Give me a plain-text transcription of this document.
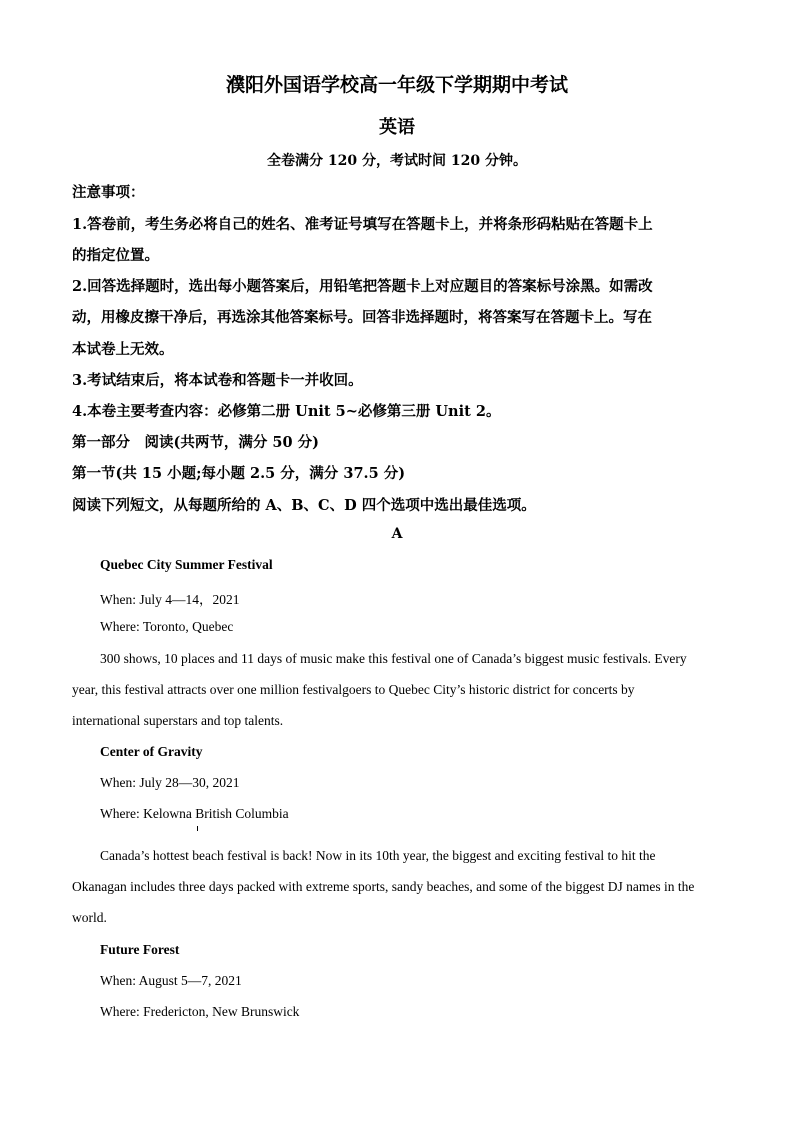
濮阳外国语学校高一年级下学期期中考试
英语
全卷满分 120 分，考试时间 120 分钟。
注意事项：
1.答卷前，考生务必将自己的姓名、准考证号填写在答题卡上，并将条形码粘贴在答题卡上
的指定位置。
2.回答选择题时，选出每小题答案后，用铅笔把答题卡上对应题目的答案标号涂黑。如需改
动，用橡皮擦干净后，再选涂其他答案标号。回答非选择题时，将答案写在答题卡上。写在
本试卷上无效。
3.考试结束后，将本试卷和答题卡一并收回。
4.本卷主要考查内容：必修第二册 Unit 5~必修第三册 Unit 2。
第一部分　阅读(共两节，满分 50 分)
第一节(共 15 小题;每小题 2.5 分，满分 37.5 分)
阅读下列短文，从每题所给的 A、B、C、D 四个选项中选出最佳选项。
A
Quebec City Summer Festival
When: July 4—14，2021
Where: Toronto, Quebec
300 shows, 10 places and 11 days of music make this festival one of Canada’s biggest music festivals. Every
year, this festival attracts over one million festivalgoers to Quebec City’s historic district for concerts by
international superstars and top talents.
Center of Gravity
When: July 28—30, 2021
Where: Kelowna British Columbia
Canada’s hottest beach festival is back! Now in its 10th year, the biggest and exciting festival to hit the
Okanagan includes three days packed with extreme sports, sandy beaches, and some of the biggest DJ names in the
world.
Future Forest
When: August 5—7, 2021
Where: Fredericton, New Brunswick
